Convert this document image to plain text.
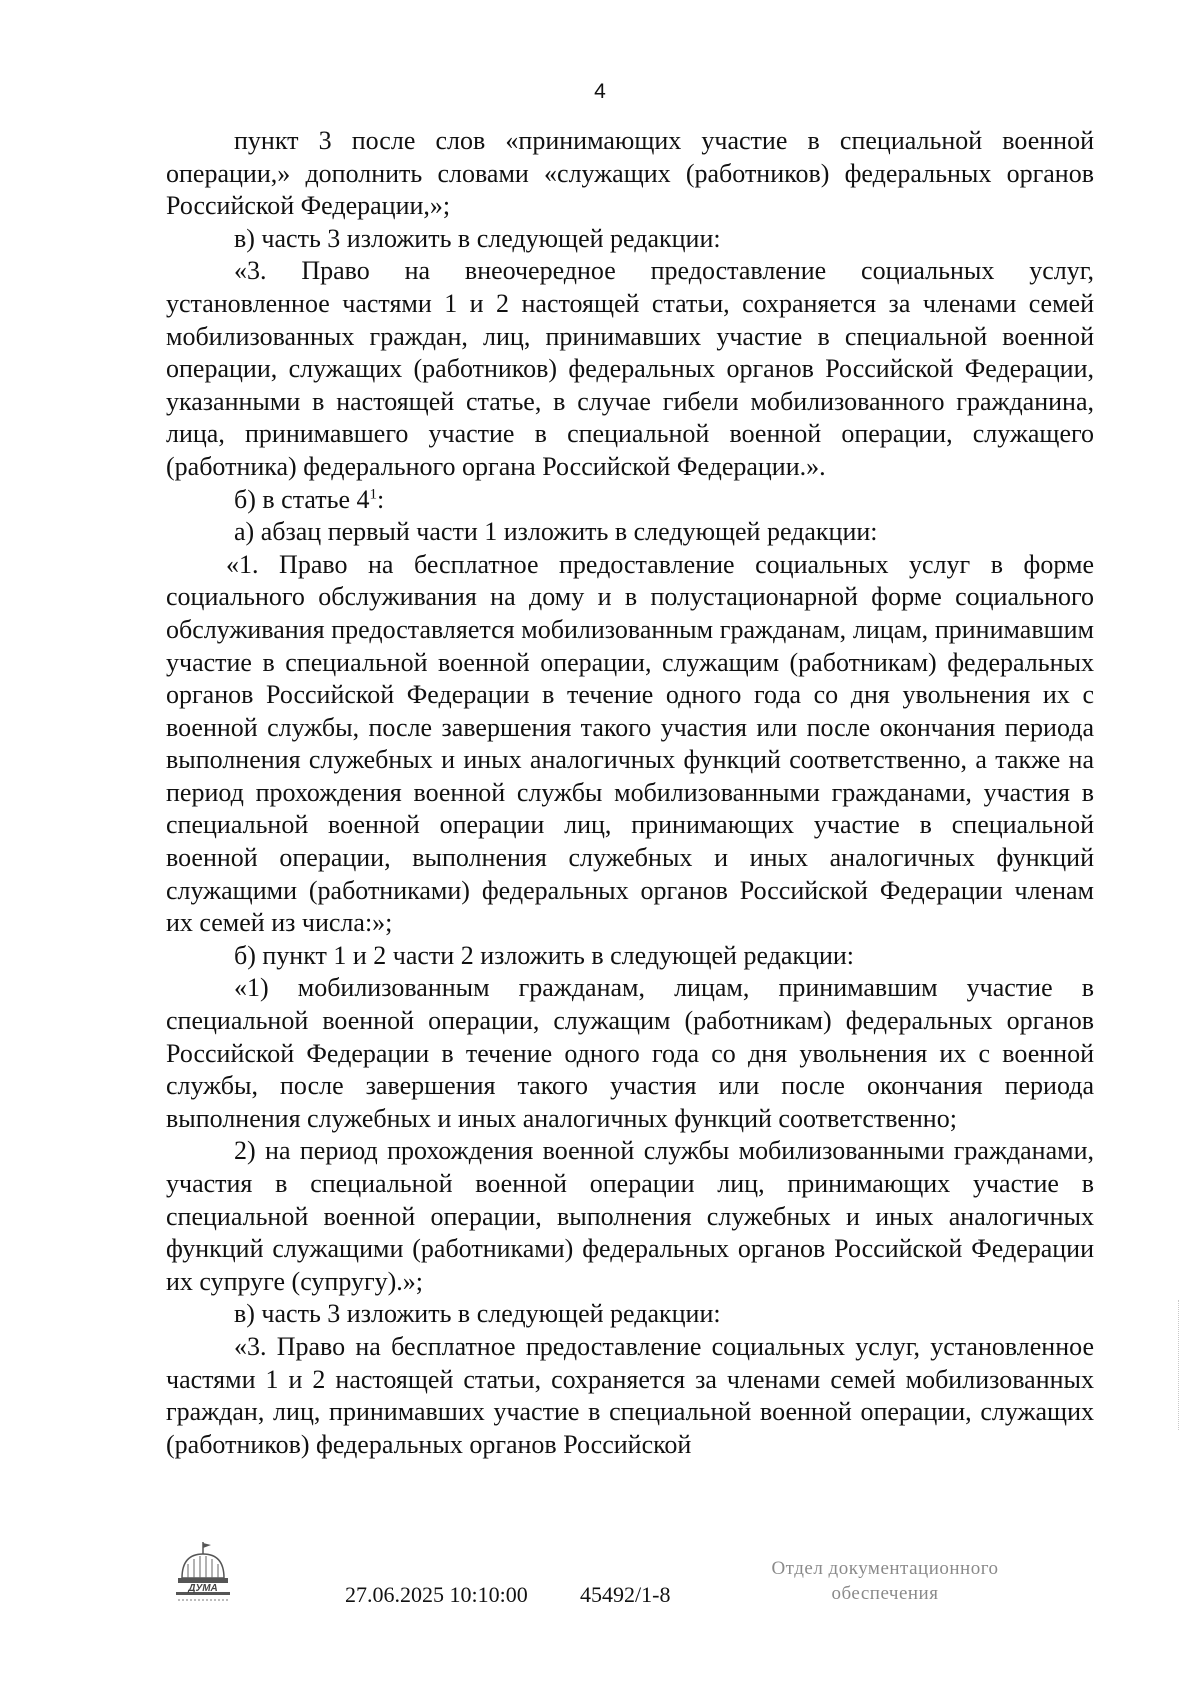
4

пункт 3 после слов «принимающих участие в специальной военной операции,» дополнить словами «служащих (работников) федеральных органов Российской Федерации,»;

в) часть 3 изложить в следующей редакции:

«3. Право на внеочередное предоставление социальных услуг, установленное частями 1 и 2 настоящей статьи, сохраняется за членами семей мобилизованных граждан, лиц, принимавших участие в специальной военной операции, служащих (работников) федеральных органов Российской Федерации, указанными в настоящей статье, в случае гибели мобилизованного гражданина, лица, принимавшего участие в специальной военной операции, служащего (работника) федерального органа Российской Федерации.».

б) в статье $4^1$:

а) абзац первый части 1 изложить в следующей редакции:

«1. Право на бесплатное предоставление социальных услуг в форме социального обслуживания на дому и в полустационарной форме социального обслуживания предоставляется мобилизованным гражданам, лицам, принимавшим участие в специальной военной операции, служащим (работникам) федеральных органов Российской Федерации в течение одного года со дня увольнения их с военной службы, после завершения такого участия или после окончания периода выполнения служебных и иных аналогичных функций соответственно, а также на период прохождения военной службы мобилизованными гражданами, участия в специальной военной операции лиц, принимающих участие в специальной военной операции, выполнения служебных и иных аналогичных функций служащими (работниками) федеральных органов Российской Федерации членам их семей из числа:»;

б) пункт 1 и 2 части 2 изложить в следующей редакции:

«1) мобилизованным гражданам, лицам, принимавшим участие в специальной военной операции, служащим (работникам) федеральных органов Российской Федерации в течение одного года со дня увольнения их с военной службы, после завершения такого участия или после окончания периода выполнения служебных и иных аналогичных функций соответственно;

2) на период прохождения военной службы мобилизованными гражданами, участия в специальной военной операции лиц, принимающих участие в специальной военной операции, выполнения служебных и иных аналогичных функций служащими (работниками) федеральных органов Российской Федерации их супруге (супругу).»;

в) часть 3 изложить в следующей редакции:

«3. Право на бесплатное предоставление социальных услуг, установленное частями 1 и 2 настоящей статьи, сохраняется за членами семей мобилизованных граждан, лиц, принимавших участие в специальной военной операции, служащих (работников) федеральных органов Российской

ДУМА	27.06.2025 10:10:00 45492/1-8
Отдел документационного
обеспечения
